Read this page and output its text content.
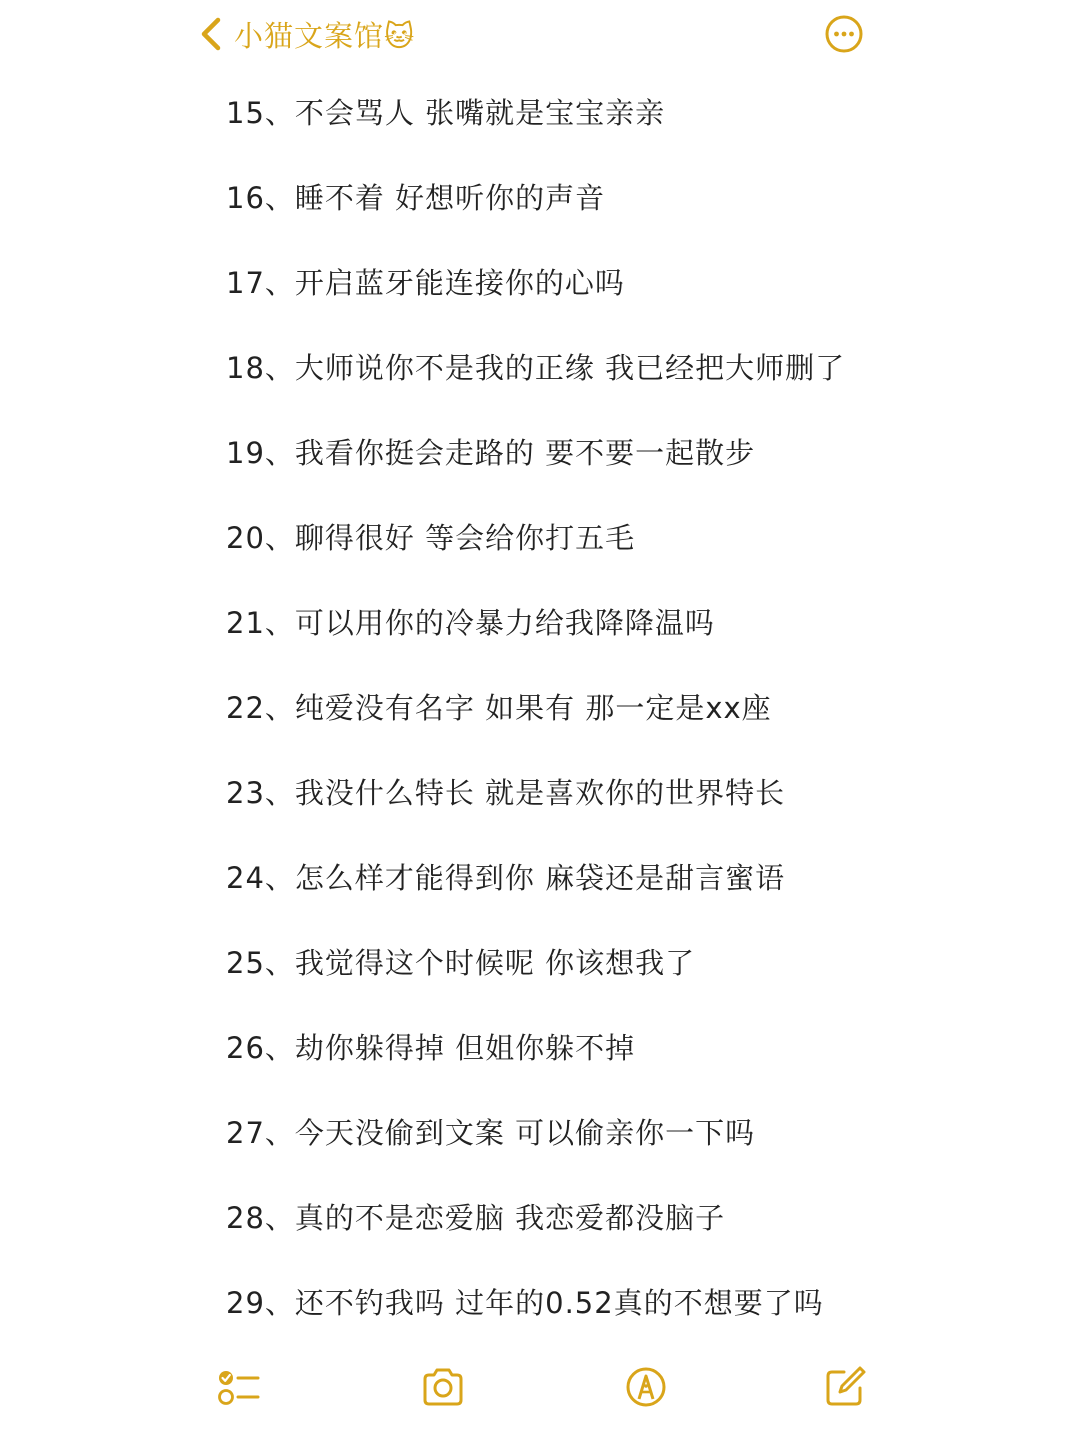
小猫文案馆🐱
15、不会骂人 张嘴就是宝宝亲亲
16、睡不着 好想听你的声音
17、开启蓝牙能连接你的心吗
18、大师说你不是我的正缘 我已经把大师删了
19、我看你挺会走路的 要不要一起散步
20、聊得很好 等会给你打五毛
21、可以用你的冷暴力给我降降温吗
22、纯爱没有名字 如果有 那一定是xx座
23、我没什么特长 就是喜欢你的世界特长
24、怎么样才能得到你 麻袋还是甜言蜜语
25、我觉得这个时候呢 你该想我了
26、劫你躲得掉 但姐你躲不掉
27、今天没偷到文案 可以偷亲你一下吗
28、真的不是恋爱脑 我恋爱都没脑子
29、还不钓我吗 过年的0.52真的不想要了吗
